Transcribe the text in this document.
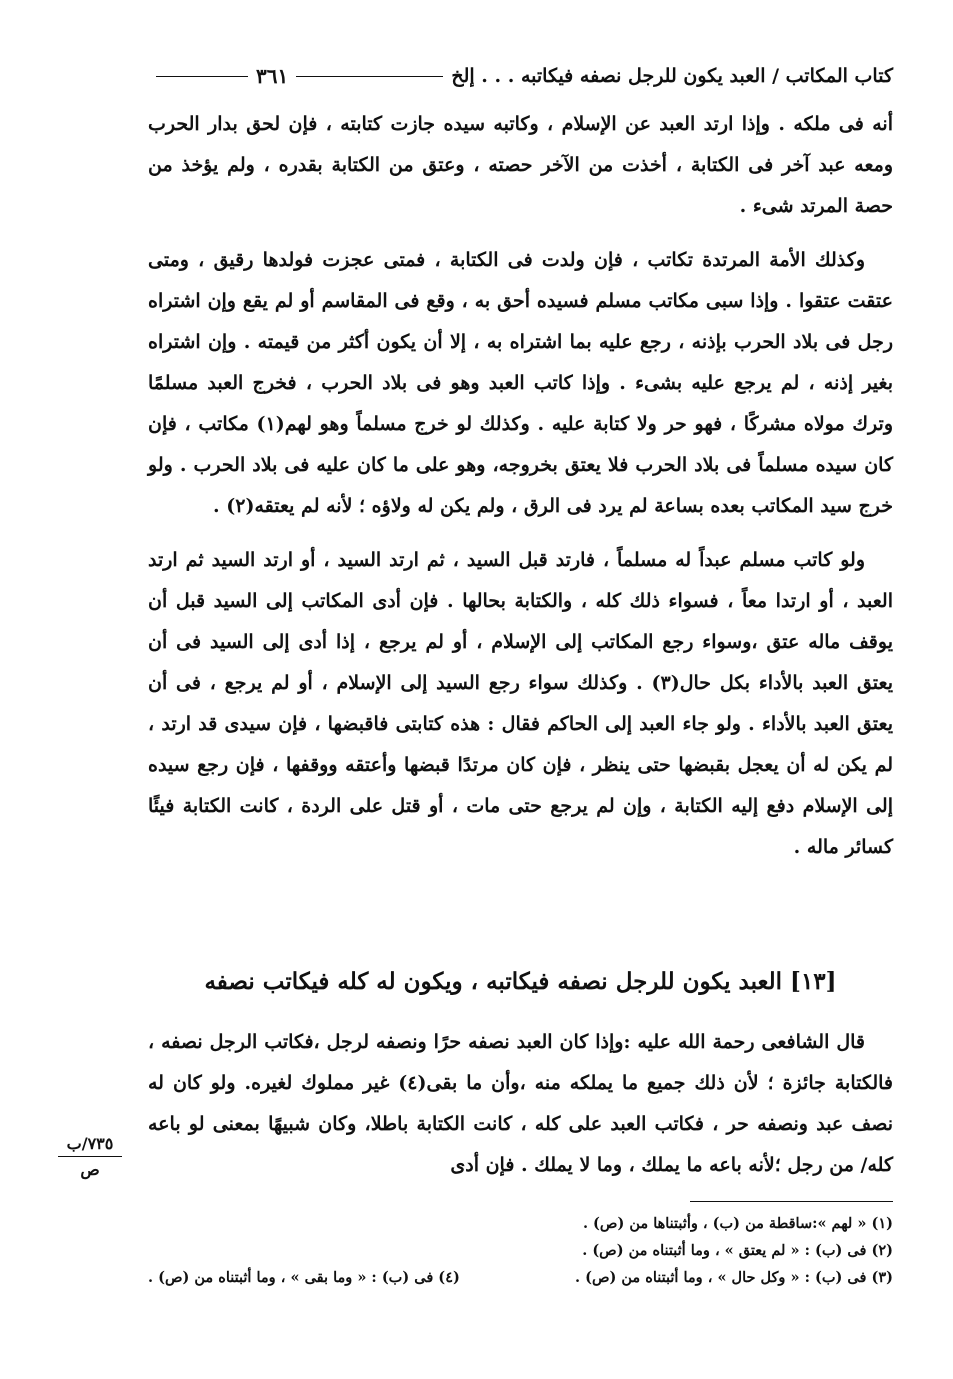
كتاب المكاتب / العبد يكون للرجل نصفه فيكاتبه . . . إلخ
٣٦١

أنه فى ملكه . وإذا ارتد العبد عن الإسلام ، وكاتبه سيده جازت كتابته ، فإن لحق بدار الحرب ومعه عبد آخر فى الكتابة ، أخذت من الآخر حصته ، وعتق من الكتابة بقدره ، ولم يؤخذ من حصة المرتد شىء .

وكذلك الأمة المرتدة تكاتب ، فإن ولدت فى الكتابة ، فمتى عجزت فولدها رقيق ، ومتى عتقت عتقوا . وإذا سبى مكاتب مسلم فسيده أحق به ، وقع فى المقاسم أو لم يقع وإن اشتراه رجل فى بلاد الحرب بإذنه ، رجع عليه بما اشتراه به ، إلا أن يكون أكثر من قيمته . وإن اشتراه بغير إذنه ، لم يرجع عليه بشىء . وإذا كاتب العبد وهو فى بلاد الحرب ، فخرج العبد مسلمًا وترك مولاه مشركًا ، فهو حر ولا كتابة عليه . وكذلك لو خرج مسلماً وهو لهم(١) مكاتب ، فإن كان سيده مسلماً فى بلاد الحرب فلا يعتق بخروجه، وهو على ما كان عليه فى بلاد الحرب . ولو خرج سيد المكاتب بعده بساعة لم يرد فى الرق ، ولم يكن له ولاؤه ؛ لأنه لم يعتقه(٢) .

ولو كاتب مسلم عبداً له مسلماً ، فارتد قبل السيد ، ثم ارتد السيد ، أو ارتد السيد ثم ارتد العبد ، أو ارتدا معاً ، فسواء ذلك كله ، والكتابة بحالها . فإن أدى المكاتب إلى السيد قبل أن يوقف ماله عتق ،وسواء رجع المكاتب إلى الإسلام ، أو لم يرجع ، إذا أدى إلى السيد فى أن يعتق العبد بالأداء بكل حال(٣) . وكذلك سواء رجع السيد إلى الإسلام ، أو لم يرجع ، فى أن يعتق العبد بالأداء . ولو جاء العبد إلى الحاكم فقال : هذه كتابتى فاقبضها ، فإن سيدى قد ارتد ، لم يكن له أن يعجل بقبضها حتى ينظر ، فإن كان مرتدًا قبضها وأعتقه ووقفها ، فإن رجع سيده إلى الإسلام دفع إليه الكتابة ، وإن لم يرجع حتى مات ، أو قتل على الردة ، كانت الكتابة فيئًا كسائر ماله .

[١٣] العبد يكون للرجل نصفه فيكاتبه ، ويكون له كله فيكاتب نصفه

قال الشافعى رحمة الله عليه :وإذا كان العبد نصفه حرًا ونصفه لرجل ،فكاتب الرجل نصفه ، فالكتابة جائزة ؛ لأن ذلك جميع ما يملكه منه ،وأن ما بقى(٤) غير مملوك لغيره. ولو كان له نصف عبد ونصفه حر ، فكاتب العبد على كله ، كانت الكتابة باطلا، وكان شبيهًا بمعنى لو باعه كله/ من رجل ؛لأنه باعه ما يملك ، وما لا يملك . فإن أدى

٧٣٥/ب
ص
(١) « لهم »:ساقطة من (ب) ، وأثبتناها من (ص) .
(٢) فى (ب) : « لم يعتق » ، وما أثبتناه من (ص) .
(٣) فى (ب) : « وكل حال » ، وما أثبتناه من (ص) .
(٤) فى (ب) : « وما بقى » ، وما أثبتناه من (ص) .
